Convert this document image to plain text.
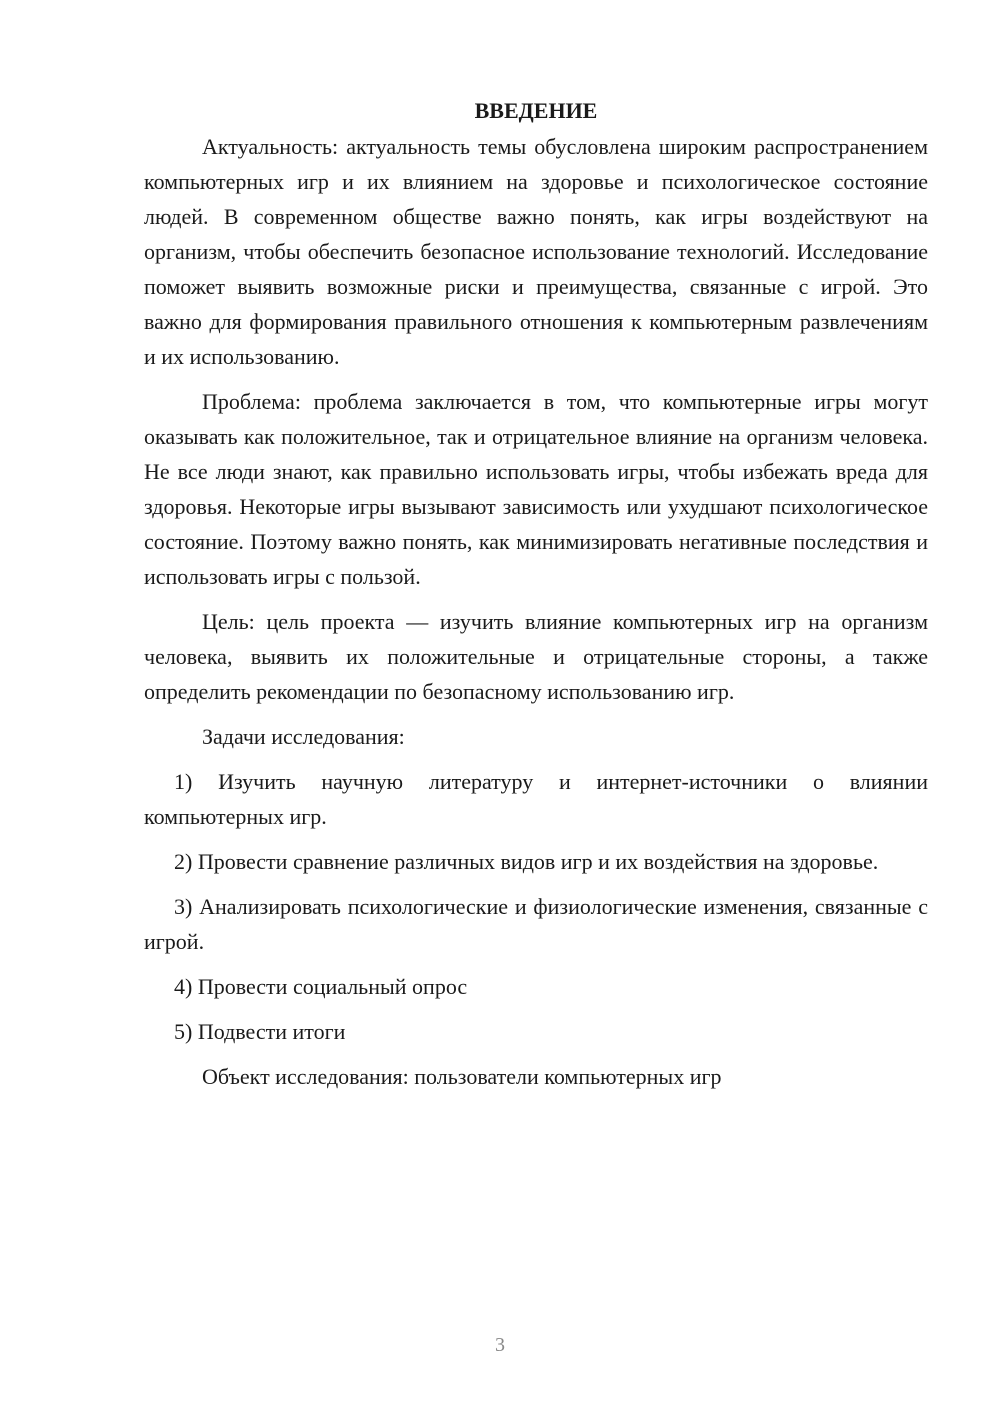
ВВЕДЕНИЕ

Актуальность: актуальность темы обусловлена широким распространением компьютерных игр и их влиянием на здоровье и психологическое состояние людей. В современном обществе важно понять, как игры воздействуют на организм, чтобы обеспечить безопасное использование технологий. Исследование поможет выявить возможные риски и преимущества, связанные с игрой. Это важно для формирования правильного отношения к компьютерным развлечениям и их использованию.

Проблема: проблема заключается в том, что компьютерные игры могут оказывать как положительное, так и отрицательное влияние на организм человека. Не все люди знают, как правильно использовать игры, чтобы избежать вреда для здоровья. Некоторые игры вызывают зависимость или ухудшают психологическое состояние. Поэтому важно понять, как минимизировать негативные последствия и использовать игры с пользой.

Цель: цель проекта — изучить влияние компьютерных игр на организм человека, выявить их положительные и отрицательные стороны, а также определить рекомендации по безопасному использованию игр.

Задачи исследования:

1) Изучить научную литературу и интернет-источники о влиянии компьютерных игр.

2) Провести сравнение различных видов игр и их воздействия на здоровье.

3) Анализировать психологические и физиологические изменения, связанные с игрой.

4) Провести социальный опрос

5) Подвести итоги

Объект исследования: пользователи компьютерных игр

3
